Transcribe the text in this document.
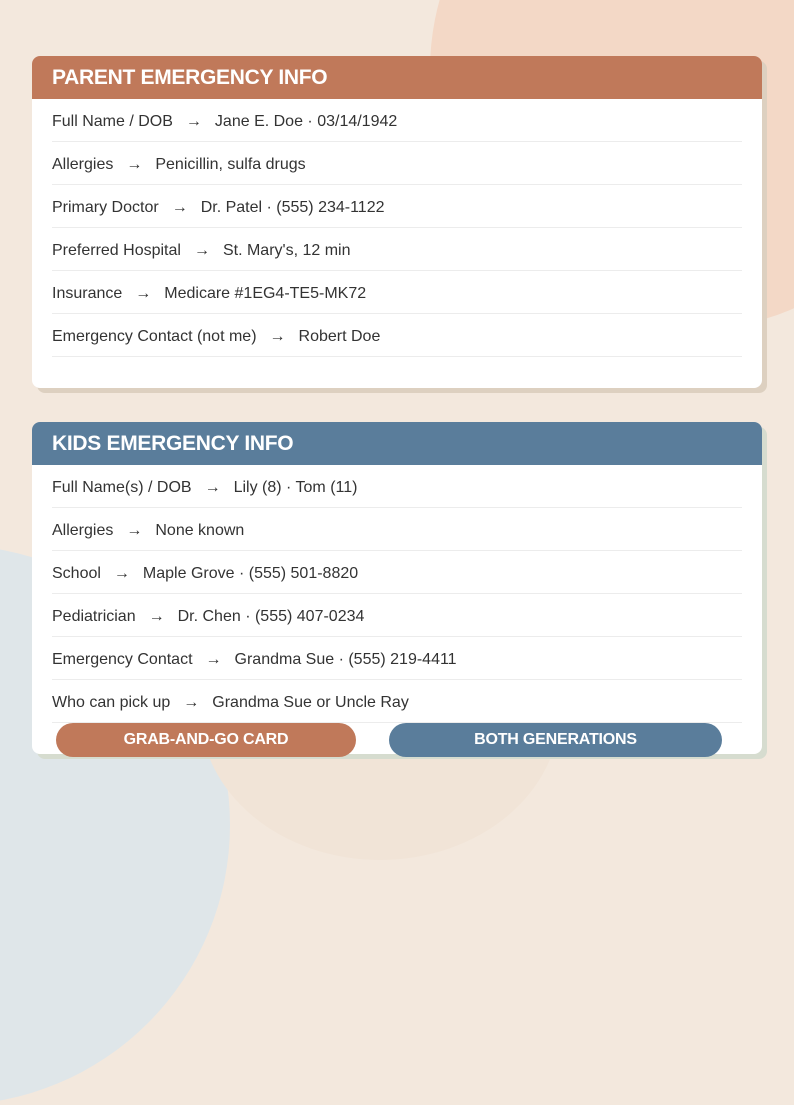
PARENT EMERGENCY INFO
Full Name / DOB → Jane E. Doe · 03/14/1942
Allergies → Penicillin, sulfa drugs
Primary Doctor → Dr. Patel · (555) 234-1122
Preferred Hospital → St. Mary's, 12 min
Insurance → Medicare #1EG4-TE5-MK72
Emergency Contact (not me) → Robert Doe
KIDS EMERGENCY INFO
Full Name(s) / DOB → Lily (8) · Tom (11)
Allergies → None known
School → Maple Grove · (555) 501-8820
Pediatrician → Dr. Chen · (555) 407-0234
Emergency Contact → Grandma Sue · (555) 219-4411
Who can pick up → Grandma Sue or Uncle Ray
GRAB-AND-GO CARD	BOTH GENERATIONS
